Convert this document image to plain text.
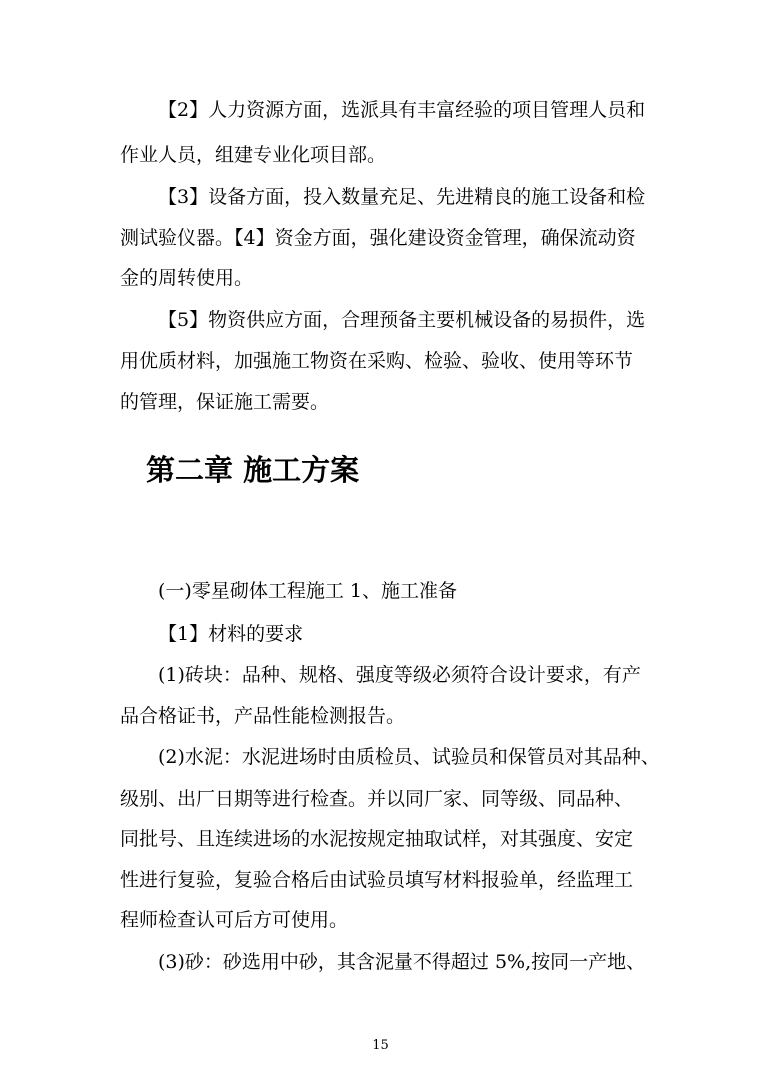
【2】人力资源方面，选派具有丰富经验的项目管理人员和
作业人员，组建专业化项目部。
【3】设备方面，投入数量充足、先进精良的施工设备和检
测试验仪器。【4】资金方面，强化建设资金管理，确保流动资
金的周转使用。
【5】物资供应方面，合理预备主要机械设备的易损件，选
用优质材料，加强施工物资在采购、检验、验收、使用等环节
的管理，保证施工需要。
第二章 施工方案
(一)零星砌体工程施工 1、施工准备
【1】材料的要求
(1)砖块：品种、规格、强度等级必须符合设计要求，有产
品合格证书，产品性能检测报告。
(2)水泥：水泥进场时由质检员、试验员和保管员对其品种、
级别、出厂日期等进行检查。并以同厂家、同等级、同品种、
同批号、且连续进场的水泥按规定抽取试样，对其强度、安定
性进行复验，复验合格后由试验员填写材料报验单，经监理工
程师检查认可后方可使用。
(3)砂：砂选用中砂，其含泥量不得超过 5%,按同一产地、
15
